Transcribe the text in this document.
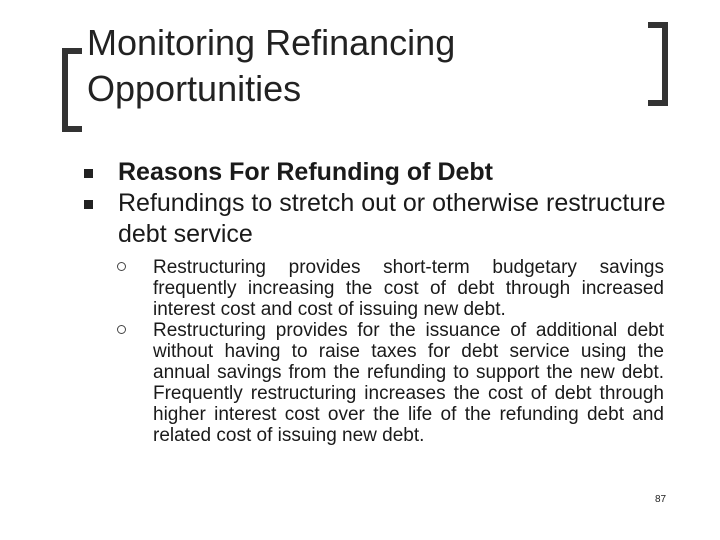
Monitoring Refinancing Opportunities
Reasons For Refunding of Debt
Refundings to stretch out or otherwise restructure debt service
Restructuring provides short-term budgetary savings frequently increasing the cost of debt through increased interest cost and cost of issuing new debt.
Restructuring provides for the issuance of additional debt without having to raise taxes for debt service using the annual savings from the refunding to support the new debt. Frequently restructuring increases the cost of debt through higher interest cost over the life of the refunding debt and related cost of issuing new debt.
87
